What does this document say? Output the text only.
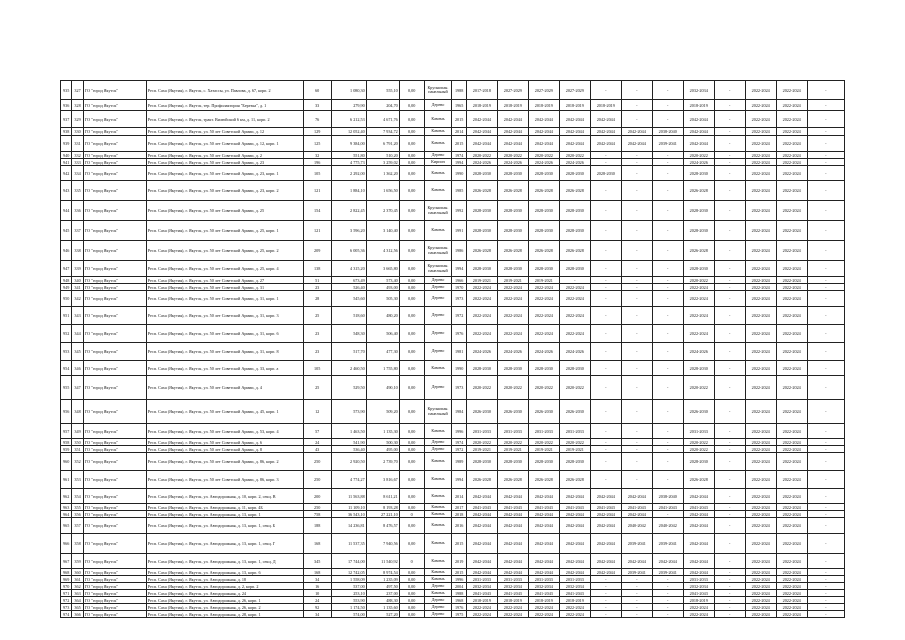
935	327	ГО "город Якутск"	Респ. Саха (Якутия), г. Якутск, с. Хатассы, ул. Павлова, д. 67, корп. 2	60	1 080,30	555,10	0,00	Крупнопан. панельный	1988	2017-2018	2027-2029	2027-2029	2027-2029	-	-	-	2032-2034	-	2022-2024	2022-2024	-
936	328	ГО "город Якутск"	Респ. Саха (Якутия), г. Якутск, тер. Профилактория "Березка", д. 1	33	279,90	204,70	0,00	Дерево	1965	2018-2019	2018-2019	2018-2019	2018-2019	2018-2019	-	-	2018-2019	-	2022-2024	2022-2024	-
937	329	ГО "город Якутск"	Респ. Саха (Якутия), г. Якутск, тракт. Вилюйский 6 км, д. 11, корп. 2	76	6 212,53	4 671,76	0,00	Камень	2015	2042-2044	2042-2044	2042-2044	2042-2044	2042-2044	-	-	2042-2044	-	2022-2024	2022-2024	-
938	330	ГО "город Якутск"	Респ. Саха (Якутия), г. Якутск, ул. 50 лет Советской Армии, д. 12	129	12 052,40	7 934,72	0,00	Камень	2014	2042-2044	2042-2044	2042-2044	2042-2044	2042-2044	2042-2044	2038-2040	2042-2044	-	2022-2024	2022-2024	-
939	331	ГО "город Якутск"	Респ. Саха (Якутия), г. Якутск, ул. 50 лет Советской Армии, д. 12, корп. 1	125	9 384,00	6 791,20	0,00	Камень	2015	2042-2044	2042-2044	2042-2044	2042-2044	2042-2044	2042-2044	2039-2041	2042-2044	-	2022-2024	2022-2024	-
940	332	ГО "город Якутск"	Респ. Саха (Якутия), г. Якутск, ул. 50 лет Советской Армии, д. 2	32	551,80	510,20	0,00	Дерево	1974	2020-2022	2020-2022	2020-2022	2020-2022	-	-	-	2020-2022	-	2022-2024	2022-2024	-
941	333	ГО "город Якутск"	Респ. Саха (Якутия), г. Якутск, ул. 50 лет Советской Армии, д. 23	196	4 775,73	3 259,02	0,00	Кирпич	1994	2024-2026	2024-2026	2024-2026	2024-2026	-	-	-	2024-2026	-	2022-2024	2022-2024	-
942	334	ГО "город Якутск"	Респ. Саха (Якутия), г. Якутск, ул. 50 лет Советской Армии, д. 23, корп. 1	105	2 292,00	1 362,20	0,00	Камень	1990	2028-2030	2028-2030	2028-2030	2028-2030	2028-2030	-	-	2028-2030	-	2022-2024	2022-2024	-
943	335	ГО "город Якутск"	Респ. Саха (Якутия), г. Якутск, ул. 50 лет Советской Армии, д. 23, корп. 2	121	1 884,10	1 656,50	0,00	Камень	1985	2026-2028	2026-2028	2026-2028	2026-2028	-	-	-	2026-2028	-	2022-2024	2022-2024	-
944	336	ГО "город Якутск"	Респ. Саха (Якутия), г. Якутск, ул. 50 лет Советской Армии, д. 25	154	2 822,45	2 370,45	0,00	Крупнопан. панельный	1992	2028-2030	2028-2030	2028-2030	2028-2030	-	-	-	2028-2030	-	2022-2024	2022-2024	-
945	337	ГО "город Якутск"	Респ. Саха (Якутия), г. Якутск, ул. 50 лет Советской Армии, д. 25, корп. 1	121	3 596,20	3 140,40	0,00	Камень	1991	2028-2030	2028-2030	2028-2030	2028-2030	-	-	-	2028-2030	-	2022-2024	2022-2024	-
946	338	ГО "город Якутск"	Респ. Саха (Якутия), г. Якутск, ул. 50 лет Советской Армии, д. 25, корп. 2	209	6 005,36	4 312,56	0,00	Крупнопан. панельный	1986	2026-2028	2026-2028	2026-2028	2026-2028	-	-	-	2026-2028	-	2022-2024	2022-2024	-
947	339	ГО "город Якутск"	Респ. Саха (Якутия), г. Якутск, ул. 50 лет Советской Армии, д. 25, корп. 4	138	4 315,20	3 665,80	0,00	Крупнопан. панельный	1994	2028-2030	2028-2030	2028-2030	2028-2030	-	-	-	2028-2030	-	2022-2024	2022-2024	-
948	340	ГО "город Якутск"	Респ. Саха (Якутия), г. Якутск, ул. 50 лет Советской Армии, д. 27	51	673,49	573,40	0,00	Дерево	1966	2019-2021	2019-2021	2019-2021	-	-	-	-	2020-2022	-	2022-2024	2022-2024	-
949	341	ГО "город Якутск"	Респ. Саха (Якутия), г. Якутск, ул. 50 лет Советской Армии, д. 31	23	526,40	493,00	0,00	Дерево	1970	2022-2024	2022-2024	2022-2024	2022-2024	-	-	-	2022-2024	-	2022-2024	2022-2024	-
950	342	ГО "город Якутск"	Респ. Саха (Якутия), г. Якутск, ул. 50 лет Советской Армии, д. 31, корп. 1	28	545,60	505,30	0,00	Дерево	1973	2022-2024	2022-2024	2022-2024	2022-2024	-	-	-	2022-2024	-	2022-2024	2022-2024	-
951	343	ГО "город Якутск"	Респ. Саха (Якутия), г. Якутск, ул. 50 лет Советской Армии, д. 31, корп. 3	25	518,60	480,20	0,00	Дерево	1972	2022-2024	2022-2024	2022-2024	2022-2024	-	-	-	2022-2024	-	2022-2024	2022-2024	-
952	344	ГО "город Якутск"	Респ. Саха (Якутия), г. Якутск, ул. 50 лет Советской Армии, д. 31, корп. 6	23	548,30	506,40	0,00	Дерево	1976	2022-2024	2022-2024	2022-2024	2022-2024	-	-	-	2022-2024	-	2022-2024	2022-2024	-
953	345	ГО "город Якутск"	Респ. Саха (Якутия), г. Якутск, ул. 50 лет Советской Армии, д. 31, корп. 8	23	517,70	477,30	0,00	Дерево	1981	2024-2026	2024-2026	2024-2026	2024-2026	-	-	-	2024-2026	-	2022-2024	2022-2024	-
954	346	ГО "город Якутск"	Респ. Саха (Якутия), г. Якутск, ул. 50 лет Советской Армии, д. 33, корп. а	105	2 460,50	1 755,80	0,00	Камень	1990	2028-2030	2028-2030	2028-2030	2028-2030	-	-	-	2028-2030	-	2022-2024	2022-2024	-
955	347	ГО "город Якутск"	Респ. Саха (Якутия), г. Якутск, ул. 50 лет Советской Армии, д. 4	25	529,50	490,10	0,00	Дерево	1973	2020-2022	2020-2022	2020-2022	2020-2022	-	-	-	2020-2022	-	2022-2024	2022-2024	-
956	348	ГО "город Якутск"	Респ. Саха (Якутия), г. Якутск, ул. 50 лет Советской Армии, д. 45, корп. 1	12	573,90	509,20	0,00	Крупнопан. панельный	1984	2026-2030	2026-2030	2026-2030	2026-2030	-	-	-	2026-2030	-	2022-2024	2022-2024	-
957	349	ГО "город Якутск"	Респ. Саха (Якутия), г. Якутск, ул. 50 лет Советской Армии, д. 53, корп. 4	57	1 463,50	1 135,30	0,00	Камень	1996	2031-2033	2031-2033	2031-2033	2031-2033	-	-	-	2031-2033	-	2022-2024	2022-2024	-
958	350	ГО "город Якутск"	Респ. Саха (Якутия), г. Якутск, ул. 50 лет Советской Армии, д. 6	24	541,90	500,30	0,00	Дерево	1974	2020-2022	2020-2022	2020-2022	2020-2022	-	-	-	2020-2022	-	2022-2024	2022-2024	-
959	351	ГО "город Якутск"	Респ. Саха (Якутия), г. Якутск, ул. 50 лет Советской Армии, д. 8	43	536,40	495,00	0,00	Дерево	1972	2019-2021	2019-2021	2019-2021	2019-2021	-	-	-	2020-2022	-	2022-2024	2022-2024	-
960	352	ГО "город Якутск"	Респ. Саха (Якутия), г. Якутск, ул. 50 лет Советской Армии, д. 86, корп. 2	250	2 920,50	2 739,70	0,00	Камень	1989	2028-2030	2028-2030	2028-2030	2028-2030	-	-	-	2028-2030	-	2022-2024	2022-2024	-
961	353	ГО "город Якутск"	Респ. Саха (Якутия), г. Якутск, ул. 50 лет Советской Армии, д. 86, корп. 3	250	4 774,27	3 816,67	0,00	Камень	1994	2026-2028	2026-2028	2026-2028	2026-2028	-	-	-	2026-2028	-	2022-2024	2022-2024	-
962	354	ГО "город Якутск"	Респ. Саха (Якутия), г. Якутск, ул. Автодорожная, д. 10, корп. 2, секц. В	200	11 563,88	8 611,21	0,00	Камень	2014	2042-2044	2042-2044	2042-2044	2042-2044	2042-2044	2042-2044	2038-2040	2042-2044	-	2022-2024	2022-2024	-
963	355	ГО "город Якутск"	Респ. Саха (Якутия), г. Якутск, ул. Автодорожная, д. 11, корп. 4Б	250	11 109,10	8 193,28	0,00	Камень	2017	2041-2043	2041-2043	2041-2043	2041-2043	2041-2043	2041-2043	2041-2043	2041-2043	-	2022-2024	2022-2024	-
964	356	ГО "город Якутск"	Респ. Саха (Якутия), г. Якутск, ул. Автодорожная, д. 13, корп. 1	758	36 543,10	27 221,10	0	Камень	2018	2042-2044	2042-2044	2042-2044	2042-2044	2042-2044	2042-2044	-	2042-2044	-	2022-2024	2022-2024	-
965	357	ГО "город Якутск"	Респ. Саха (Якутия), г. Якутск, ул. Автодорожная, д. 13, корп. 1, секц. Б	188	14 236,81	8 476,57	0,00	Камень	2016	2042-2044	2042-2044	2042-2044	2042-2044	2042-2044	2040-2042	2040-2042	2042-2044	-	2022-2024	2022-2024	-
966	358	ГО "город Якутск"	Респ. Саха (Якутия), г. Якутск, ул. Автодорожная, д. 13, корп. 1, секц. Г	168	11 537,35	7 940,56	0,00	Камень	2015	2042-2044	2042-2044	2042-2044	2042-2044	2042-2044	2039-2041	2039-2041	2042-2044	-	2022-2024	2022-2024	-
967	359	ГО "город Якутск"	Респ. Саха (Якутия), г. Якутск, ул. Автодорожная, д. 13, корп. 1, секц. Д	345	17 744,00	11 540,92	0	Камень	2019	2042-2044	2042-2044	2042-2044	2042-2044	2042-2044	2042-2044	2042-2044	2042-2044	-	2022-2024	2022-2024	-
968	360	ГО "город Якутск"	Респ. Саха (Якутия), г. Якутск, ул. Автодорожная, д. 13, корп. 6	168	12 742,05	8 974,54	0,00	Камень	2015	2042-2044	2042-2044	2042-2044	2042-2044	2042-2044	2039-2041	2039-2041	2042-2044	-	2022-2024	2022-2024	-
969	361	ГО "город Якутск"	Респ. Саха (Якутия), г. Якутск, ул. Автодорожная, д. 18	34	1 558,09	1 235,09	0,00	Камень	1996	2031-2033	2031-2033	2031-2033	2031-2033	-	-	-	2031-2033	-	2022-2024	2022-2024	-
970	362	ГО "город Якутск"	Респ. Саха (Якутия), г. Якутск, ул. Автодорожная, д. 2, корп. 2	16	537,00	497,50	0,00	Дерево	2004	2032-2034	2032-2034	2032-2034	2032-2034	-	-	-	2032-2034	-	2022-2024	2022-2024	-
971	363	ГО "город Якутск"	Респ. Саха (Якутия), г. Якутск, ул. Автодорожная, д. 24	10	253,10	237,00	0,00	Камень	1988	2041-2043	2041-2043	2041-2043	2041-2043	-	-	-	2041-2043	-	2022-2024	2022-2024	-
972	364	ГО "город Якутск"	Респ. Саха (Якутия), г. Якутск, ул. Автодорожная, д. 26, корп. 1	24	553,90	488,30	0,00	Дерево	1968	2018-2019	2018-2019	2018-2019	2018-2019	-	-	-	2018-2019	-	2022-2024	2022-2024	-
973	365	ГО "город Якутск"	Респ. Саха (Якутия), г. Якутск, ул. Автодорожная, д. 26, корп. 2	92	1 174,50	1 135,60	0,00	Дерево	1976	2022-2024	2022-2024	2022-2024	2022-2024	-	-	-	2022-2024	-	2022-2024	2022-2024	-
974	366	ГО "город Якутск"	Респ. Саха (Якутия), г. Якутск, ул. Автодорожная, д. 28, корп. 1	34	574,00	527,20	0,00	Дерево	1975	2022-2024	2022-2024	2022-2024	2022-2024	-	-	-	2022-2024	-	2022-2024	2022-2024	-
